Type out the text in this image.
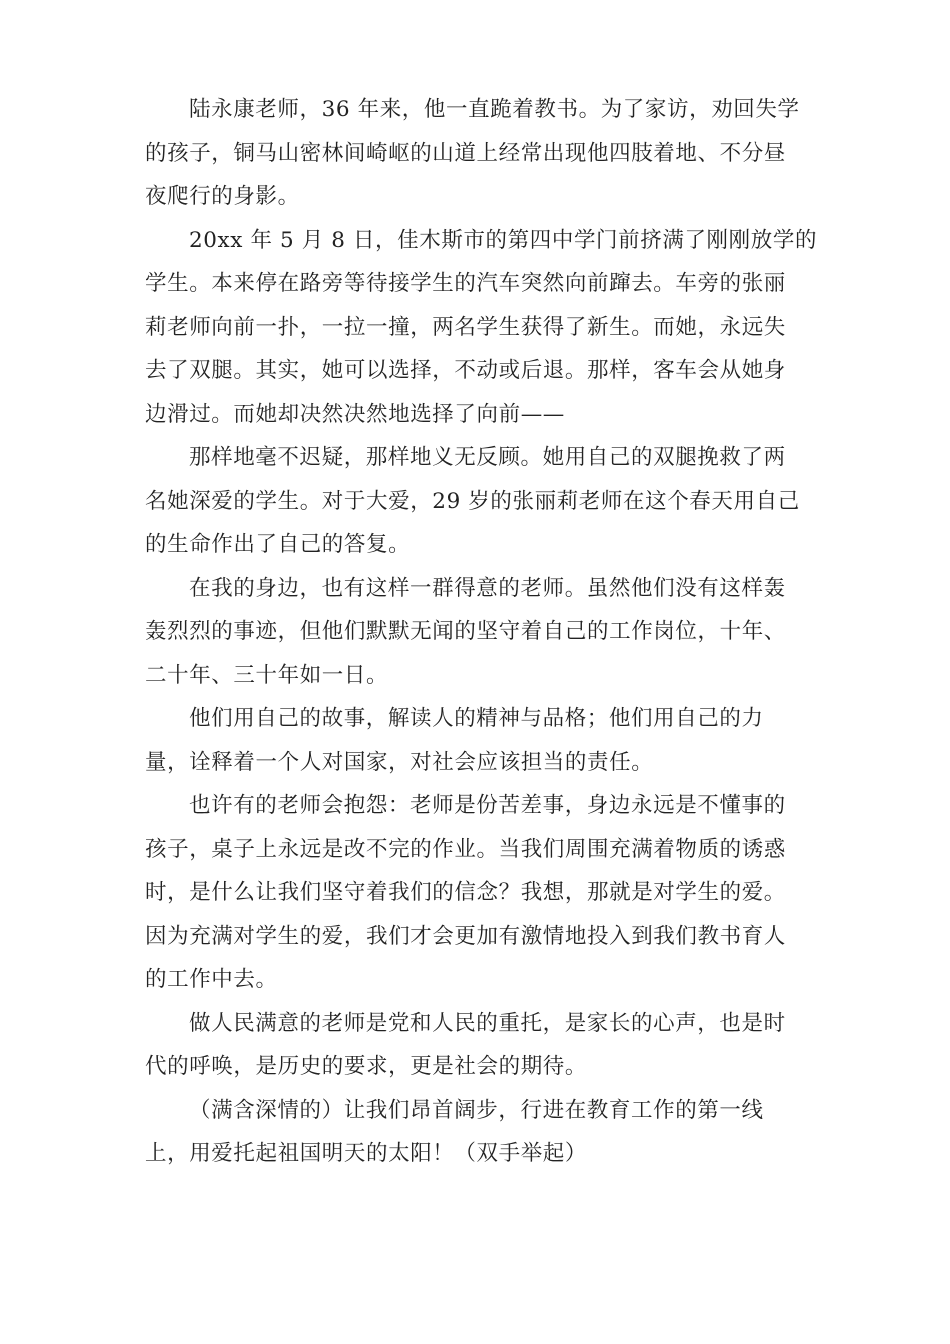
陆永康老师，36 年来，他一直跪着教书。为了家访，劝回失学
的孩子，铜马山密林间崎岖的山道上经常出现他四肢着地、不分昼
夜爬行的身影。
20xx 年 5 月 8 日，佳木斯市的第四中学门前挤满了刚刚放学的
学生。本来停在路旁等待接学生的汽车突然向前蹿去。车旁的张丽
莉老师向前一扑，一拉一撞，两名学生获得了新生。而她，永远失
去了双腿。其实，她可以选择，不动或后退。那样，客车会从她身
边滑过。而她却决然决然地选择了向前——
那样地毫不迟疑，那样地义无反顾。她用自己的双腿挽救了两
名她深爱的学生。对于大爱，29 岁的张丽莉老师在这个春天用自己
的生命作出了自己的答复。
在我的身边，也有这样一群得意的老师。虽然他们没有这样轰
轰烈烈的事迹，但他们默默无闻的坚守着自己的工作岗位，十年、
二十年、三十年如一日。
他们用自己的故事，解读人的精神与品格；他们用自己的力
量，诠释着一个人对国家，对社会应该担当的责任。
也许有的老师会抱怨：老师是份苦差事，身边永远是不懂事的
孩子，桌子上永远是改不完的作业。当我们周围充满着物质的诱惑
时，是什么让我们坚守着我们的信念？我想，那就是对学生的爱。
因为充满对学生的爱，我们才会更加有激情地投入到我们教书育人
的工作中去。
做人民满意的老师是党和人民的重托，是家长的心声，也是时
代的呼唤，是历史的要求，更是社会的期待。
（满含深情的）让我们昂首阔步，行进在教育工作的第一线
上，用爱托起祖国明天的太阳！（双手举起）
